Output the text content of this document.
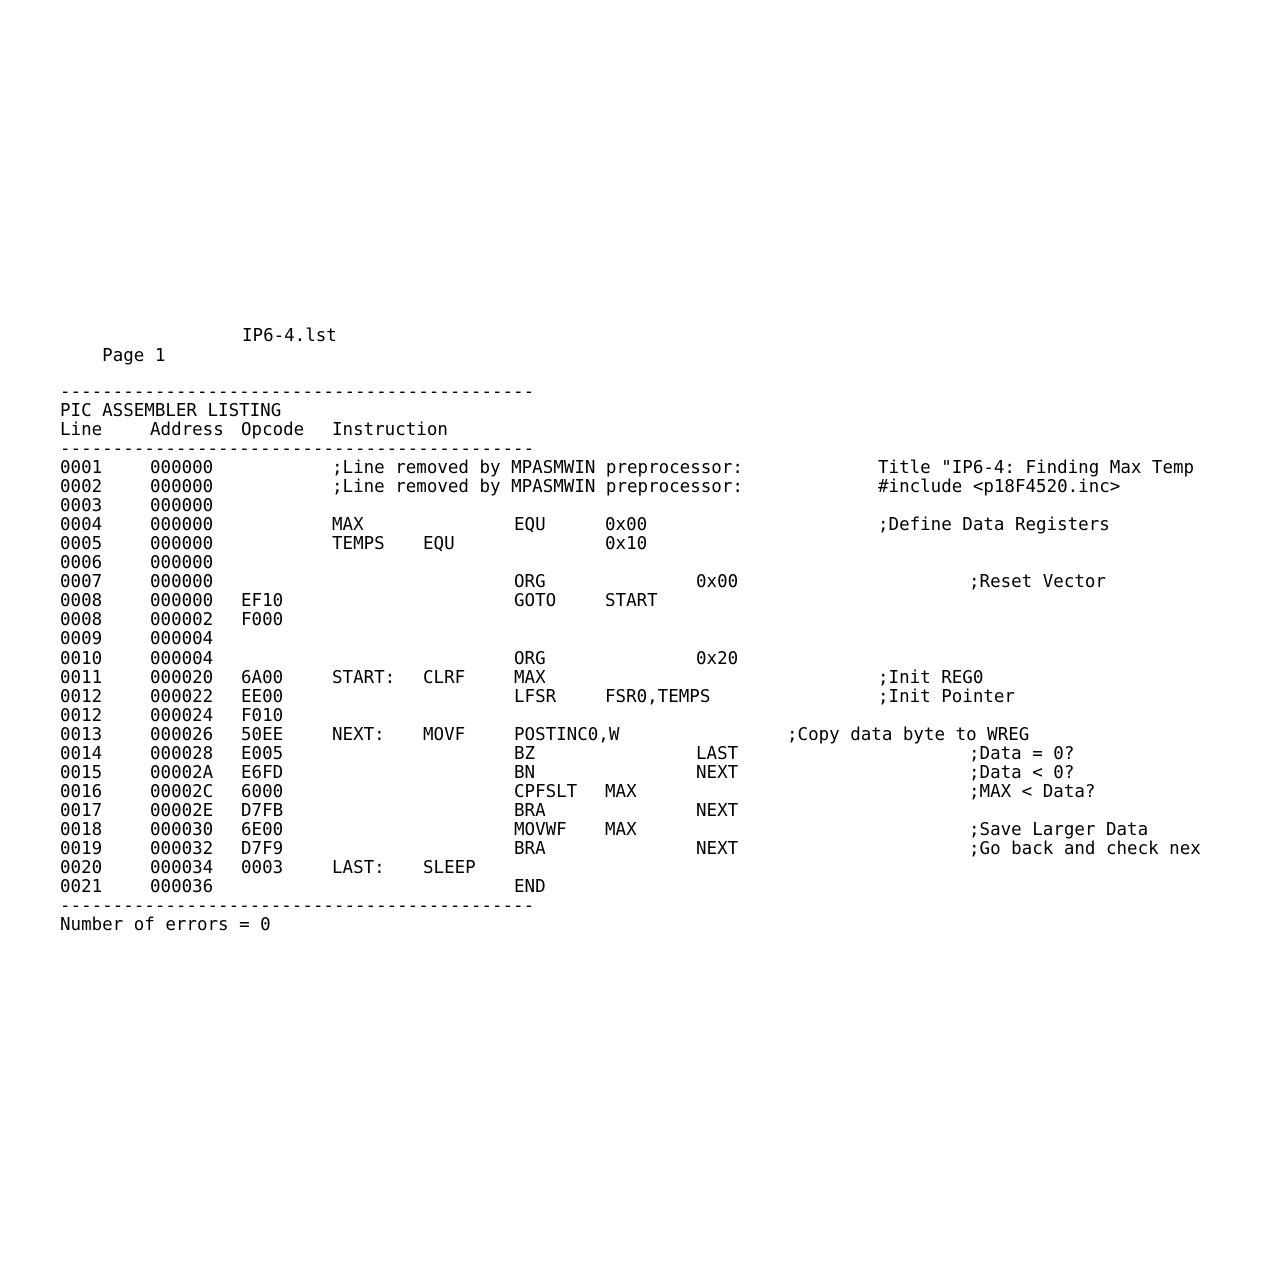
Page 1

IP6-4.lst

---------------------------------------------
PIC ASSEMBLER LISTING
Line	Address Opcode Instruction
---------------------------------------------
0001	000000	;Line removed by MPASMWIN preprocessor:	Title "IP6-4: Finding Max Temp
0002	000000	;Line removed by MPASMWIN preprocessor:	#include <p18F4520.inc>
0003	000000
0004	000000	MAX	EQU	0x00	;Define Data Registers
0005	000000	TEMPS EQU	0x10
0006	000000
0007	000000	ORG	0x00	;Reset Vector
0008	000000 EF10	GOTO	START
0008	000002 F000
0009	000004
0010	000004	ORG	0x20
0011	000020 6A00	START: CLRF	MAX	;Init REG0
0012	000022 EE00	LFSR	FSR0,TEMPS	;Init Pointer
0012	000024 F010
0013	000026 50EE	NEXT: MOVF	POSTINC0,W	;Copy data byte to WREG
0014	000028 E005	BZ	LAST	;Data = 0?
0015	00002A E6FD	BN	NEXT	;Data < 0?
0016	00002C 6000	CPFSLT MAX	;MAX < Data?
0017	00002E D7FB	BRA	NEXT
0018	000030 6E00	MOVWF MAX	;Save Larger Data
0019	000032 D7F9	BRA	NEXT	;Go back and check nex
0020	000034 0003	LAST: SLEEP
0021	000036	END
---------------------------------------------
Number of errors = 0
